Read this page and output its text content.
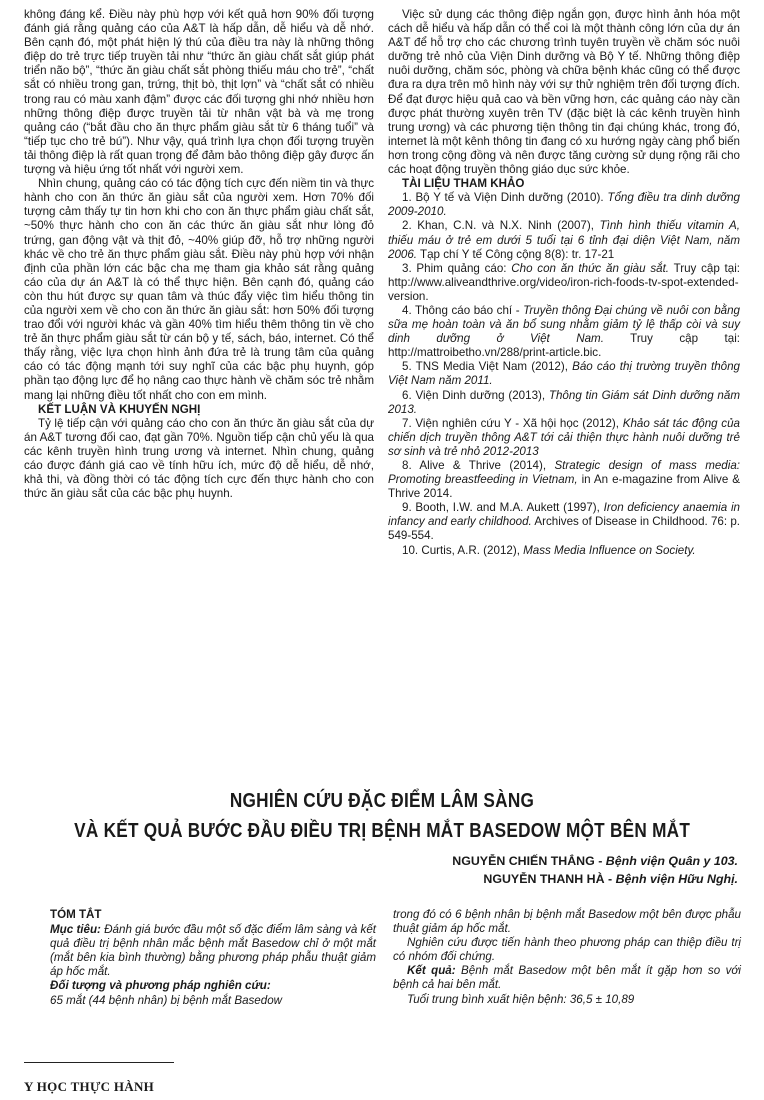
không đáng kể. Điều này phù hợp với kết quả hơn 90% đối tượng đánh giá rằng quảng cáo của A&T là hấp dẫn, dễ hiểu và dễ nhớ. Bên cạnh đó, một phát hiện lý thú của điều tra này là những thông điệp do trẻ trực tiếp truyền tải như “thức ăn giàu chất sắt giúp phát triển não bộ”, “thức ăn giàu chất sắt phòng thiếu máu cho trẻ”, “chất sắt có nhiều trong gan, trứng, thịt bò, thịt lợn” và “chất sắt có nhiều trong rau có màu xanh đậm” được các đối tượng ghi nhớ nhiều hơn những thông điệp được truyền tải từ nhân vật bà và mẹ trong quảng cáo (“bắt đầu cho ăn thực phẩm giàu sắt từ 6 tháng tuổi” và “tiếp tục cho trẻ bú”). Như vậy, quá trình lựa chọn đối tượng truyền tải thông điệp là rất quan trọng để đảm bảo thông điệp gây được ấn tượng và hiệu ứng tốt nhất với người xem.

Nhìn chung, quảng cáo có tác động tích cực đến niềm tin và thực hành cho con ăn thức ăn giàu sắt của người xem. Hơn 70% đối tượng cảm thấy tự tin hơn khi cho con ăn thực phẩm giàu chất sắt, ~50% thực hành cho con ăn các thức ăn giàu sắt như lòng đỏ trứng, gan động vật và thịt đỏ, ~40% giúp đỡ, hỗ trợ những người khác về cho trẻ ăn thực phẩm giàu sắt. Điều này phù hợp với nhận định của phần lớn các bậc cha mẹ tham gia khảo sát rằng quảng cáo của dự án A&T là có thể thực hiện. Bên cạnh đó, quảng cáo còn thu hút được sự quan tâm và thúc đẩy việc tìm hiểu thông tin của người xem về cho con ăn thức ăn giàu sắt: hơn 50% đối tượng trao đổi với người khác và gần 40% tìm hiểu thêm thông tin về cho trẻ ăn thực phẩm giàu sắt từ cán bộ y tế, sách, báo, internet. Có thể thấy rằng, việc lựa chọn hình ảnh đứa trẻ là trung tâm của quảng cáo có tác động mạnh tới suy nghĩ của các bậc phụ huynh, góp phần tạo động lực để họ nâng cao thực hành về chăm sóc trẻ nhằm mang lại những điều tốt nhất cho con em mình.

KẾT LUẬN VÀ KHUYẾN NGHỊ

Tỷ lệ tiếp cận với quảng cáo cho con ăn thức ăn giàu sắt của dự án A&T tương đối cao, đạt gần 70%. Nguồn tiếp cận chủ yếu là qua các kênh truyền hình trung ương và internet. Nhìn chung, quảng cáo được đánh giá cao về tính hữu ích, mức độ dễ hiểu, dễ nhớ, khả thi, và đồng thời có tác động tích cực đến thực hành cho con thức ăn giàu sắt của các bậc phụ huynh.

Việc sử dụng các thông điệp ngắn gọn, được hình ảnh hóa một cách dễ hiểu và hấp dẫn có thể coi là một thành công lớn của dự án A&T để hỗ trợ cho các chương trình tuyên truyền về chăm sóc nuôi dưỡng trẻ nhỏ của Viện Dinh dưỡng và Bộ Y tế. Những thông điệp nuôi dưỡng, chăm sóc, phòng và chữa bệnh khác cũng có thể được đưa ra dựa trên mô hình này với sự thử nghiệm trên đối tượng đích. Để đạt được hiệu quả cao và bền vững hơn, các quảng cáo này cần được phát thường xuyên trên TV (đặc biệt là các kênh truyền hình trung ương) và các phương tiện thông tin đại chúng khác, trong đó, internet là một kênh thông tin đang có xu hướng ngày càng phổ biến hơn trong cộng đồng và nên được tăng cường sử dụng rộng rãi cho các hoạt động truyền thông giáo dục sức khỏe.

TÀI LIỆU THAM KHẢO

1. Bộ Y tế và Viện Dinh dưỡng (2010). Tổng điều tra dinh dưỡng 2009-2010.

2. Khan, C.N. và N.X. Ninh (2007), Tình hình thiếu vitamin A, thiếu máu ở trẻ em dưới 5 tuổi tại 6 tỉnh đại diện Việt Nam, năm 2006. Tạp chí Y tế Công cộng 8(8): tr. 17-21

3. Phim quảng cáo: Cho con ăn thức ăn giàu sắt. Truy cập tại: http://www.aliveandthrive.org/video/iron-rich-foods-tv-spot-extended-version.

4. Thông cáo báo chí - Truyền thông Đại chúng về nuôi con bằng sữa mẹ hoàn toàn và ăn bổ sung nhằm giảm tỷ lệ thấp còi và suy dinh dưỡng ở Việt Nam. Truy cập tại: http://mattroibetho.vn/288/print-article.bic.

5. TNS Media Việt Nam (2012), Báo cáo thị trường truyền thông Việt Nam năm 2011.

6. Viện Dinh dưỡng (2013), Thông tin Giám sát Dinh dưỡng năm 2013.

7. Viện nghiên cứu Y - Xã hội học (2012), Khảo sát tác động của chiến dịch truyền thông A&T tới cải thiện thực hành nuôi dưỡng trẻ sơ sinh và trẻ nhỏ 2012-2013

8. Alive & Thrive (2014), Strategic design of mass media: Promoting breastfeeding in Vietnam, in An e-magazine from Alive & Thrive 2014.

9. Booth, I.W. and M.A. Aukett (1997), Iron deficiency anaemia in infancy and early childhood. Archives of Disease in Childhood. 76: p. 549-554.

10. Curtis, A.R. (2012), Mass Media Influence on Society.

NGHIÊN CỨU ĐẶC ĐIỂM LÂM SÀNG
VÀ KẾT QUẢ BƯỚC ĐẦU ĐIỀU TRỊ BỆNH MẮT BASEDOW MỘT BÊN MẮT
NGUYỄN CHIẾN THẮNG - Bệnh viện Quân y 103.
NGUYỄN THANH HÀ - Bệnh viện Hữu Nghị.

TÓM TẮT

Mục tiêu: Đánh giá bước đầu một số đặc điểm lâm sàng và kết quả điều trị bệnh nhân mắc bệnh mắt Basedow chỉ ở một mắt (mắt bên kia bình thường) bằng phương pháp phẫu thuật giảm áp hốc mắt.

Đối tượng và phương pháp nghiên cứu:

65 mắt (44 bệnh nhân) bị bệnh mắt Basedow

trong đó có 6 bệnh nhân bị bệnh mắt Basedow một bên được phẫu thuật giảm áp hốc mắt.

Nghiên cứu được tiến hành theo phương pháp can thiệp điều trị có nhóm đối chứng.

Kết quả: Bệnh mắt Basedow một bên mắt ít gặp hơn so với bệnh cả hai bên mắt.

Tuổi trung bình xuất hiện bệnh: 36,5 ± 10,89

Y HỌC THỰC HÀNH
